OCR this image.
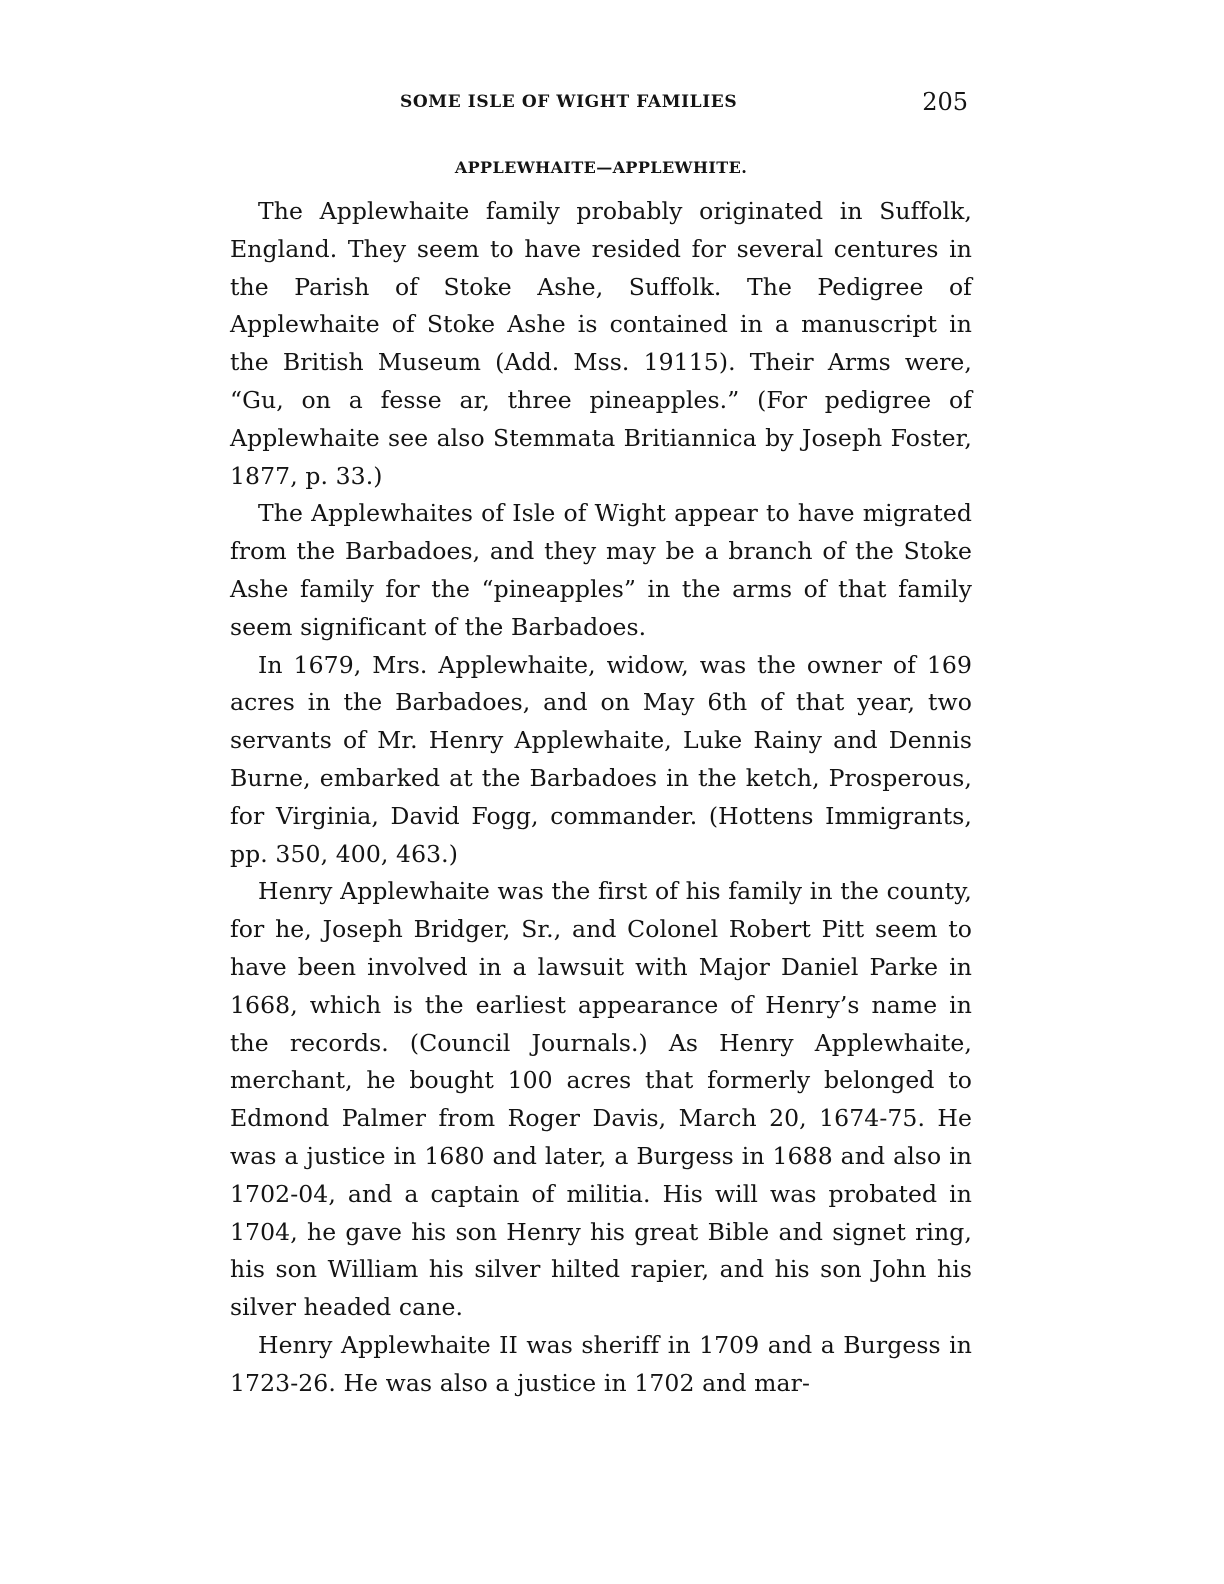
SOME ISLE OF WIGHT FAMILIES	205
APPLEWHAITE—APPLEWHITE.

The Applewhaite family probably originated in Suffolk, England. They seem to have resided for several centures in the Parish of Stoke Ashe, Suffolk. The Pedigree of Applewhaite of Stoke Ashe is contained in a manuscript in the British Museum (Add. Mss. 19115). Their Arms were, “Gu, on a fesse ar, three pineapples.” (For pedigree of Applewhaite see also Stemmata Britiannica by Joseph Foster, 1877, p. 33.)

The Applewhaites of Isle of Wight appear to have migrated from the Barbadoes, and they may be a branch of the Stoke Ashe family for the “pineapples” in the arms of that family seem significant of the Barbadoes.

In 1679, Mrs. Applewhaite, widow, was the owner of 169 acres in the Barbadoes, and on May 6th of that year, two servants of Mr. Henry Applewhaite, Luke Rainy and Dennis Burne, embarked at the Barbadoes in the ketch, Prosperous, for Virginia, David Fogg, commander. (Hottens Immigrants, pp. 350, 400, 463.)

Henry Applewhaite was the first of his family in the county, for he, Joseph Bridger, Sr., and Colonel Robert Pitt seem to have been involved in a lawsuit with Major Daniel Parke in 1668, which is the earliest appearance of Henry’s name in the records. (Council Journals.) As Henry Applewhaite, merchant, he bought 100 acres that formerly belonged to Edmond Palmer from Roger Davis, March 20, 1674-75. He was a justice in 1680 and later, a Burgess in 1688 and also in 1702-04, and a captain of militia. His will was probated in 1704, he gave his son Henry his great Bible and signet ring, his son William his silver hilted rapier, and his son John his silver headed cane.

Henry Applewhaite II was sheriff in 1709 and a Burgess in 1723-26. He was also a justice in 1702 and mar-
